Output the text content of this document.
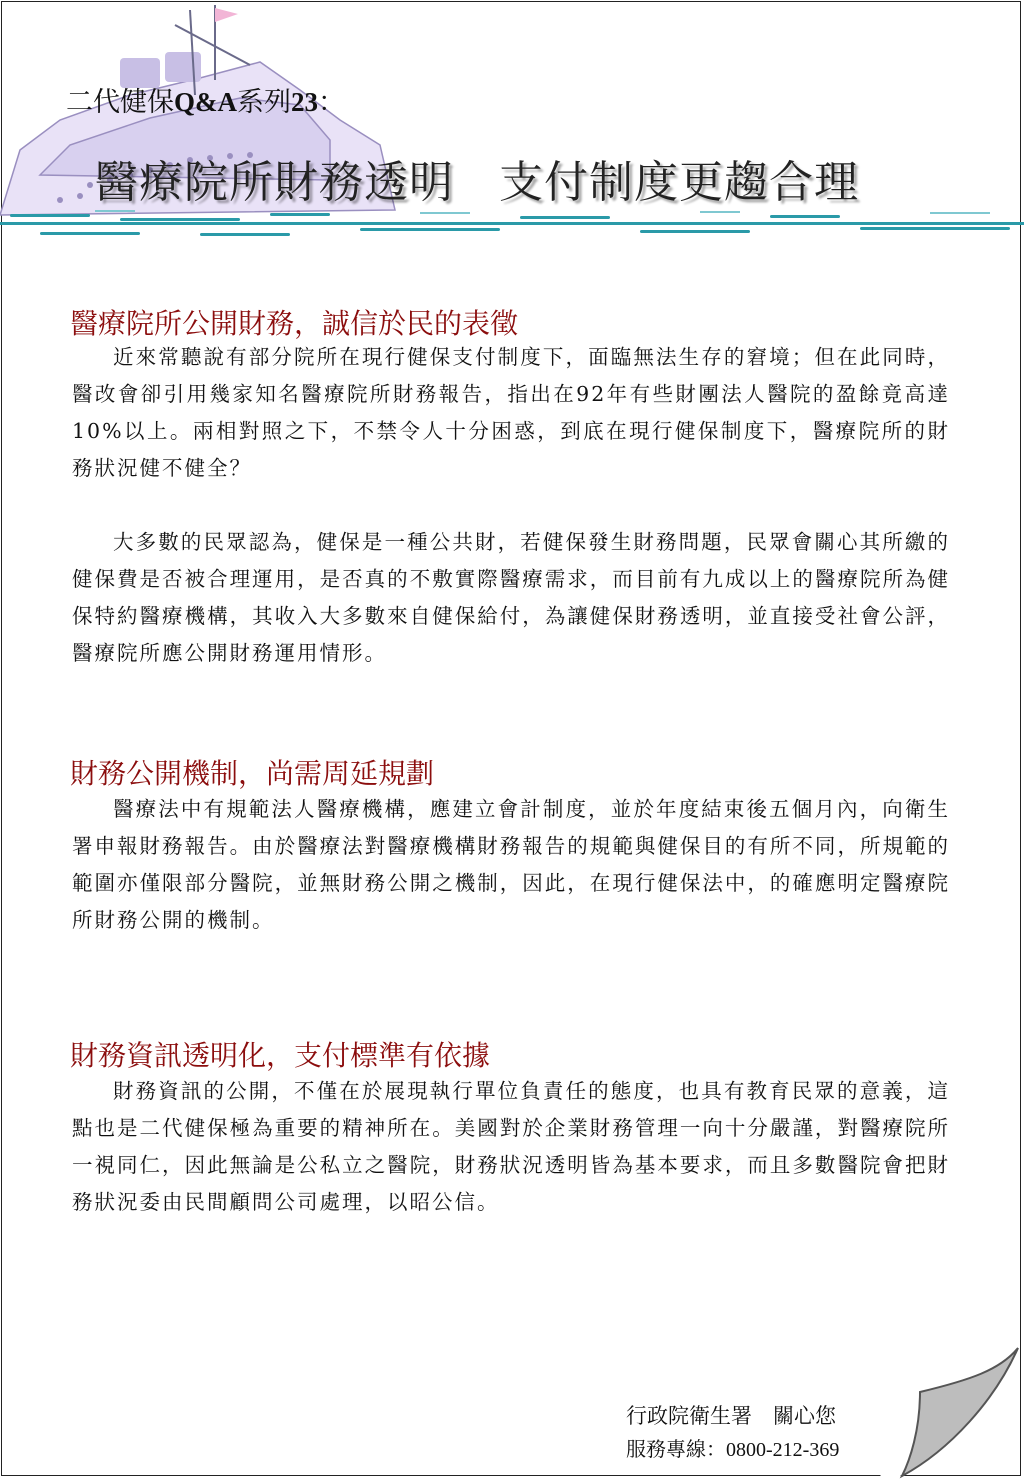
二代健保Q&A系列23：
醫療院所財務透明　支付制度更趨合理
醫療院所公開財務，誠信於民的表徵

近來常聽說有部分院所在現行健保支付制度下，面臨無法生存的窘境；但在此同時，醫改會卻引用幾家知名醫療院所財務報告，指出在92年有些財團法人醫院的盈餘竟高達10%以上。兩相對照之下，不禁令人十分困惑，到底在現行健保制度下，醫療院所的財務狀況健不健全？

大多數的民眾認為，健保是一種公共財，若健保發生財務問題，民眾會關心其所繳的健保費是否被合理運用，是否真的不敷實際醫療需求，而目前有九成以上的醫療院所為健保特約醫療機構，其收入大多數來自健保給付，為讓健保財務透明，並直接受社會公評，醫療院所應公開財務運用情形。

財務公開機制，尚需周延規劃

醫療法中有規範法人醫療機構，應建立會計制度，並於年度結束後五個月內，向衛生署申報財務報告。由於醫療法對醫療機構財務報告的規範與健保目的有所不同，所規範的範圍亦僅限部分醫院，並無財務公開之機制，因此，在現行健保法中，的確應明定醫療院所財務公開的機制。

財務資訊透明化，支付標準有依據

財務資訊的公開，不僅在於展現執行單位負責任的態度，也具有教育民眾的意義，這點也是二代健保極為重要的精神所在。美國對於企業財務管理一向十分嚴謹，對醫療院所一視同仁，因此無論是公私立之醫院，財務狀況透明皆為基本要求，而且多數醫院會把財務狀況委由民間顧問公司處理，以昭公信。

行政院衛生署　關心您
服務專線：0800-212-369
